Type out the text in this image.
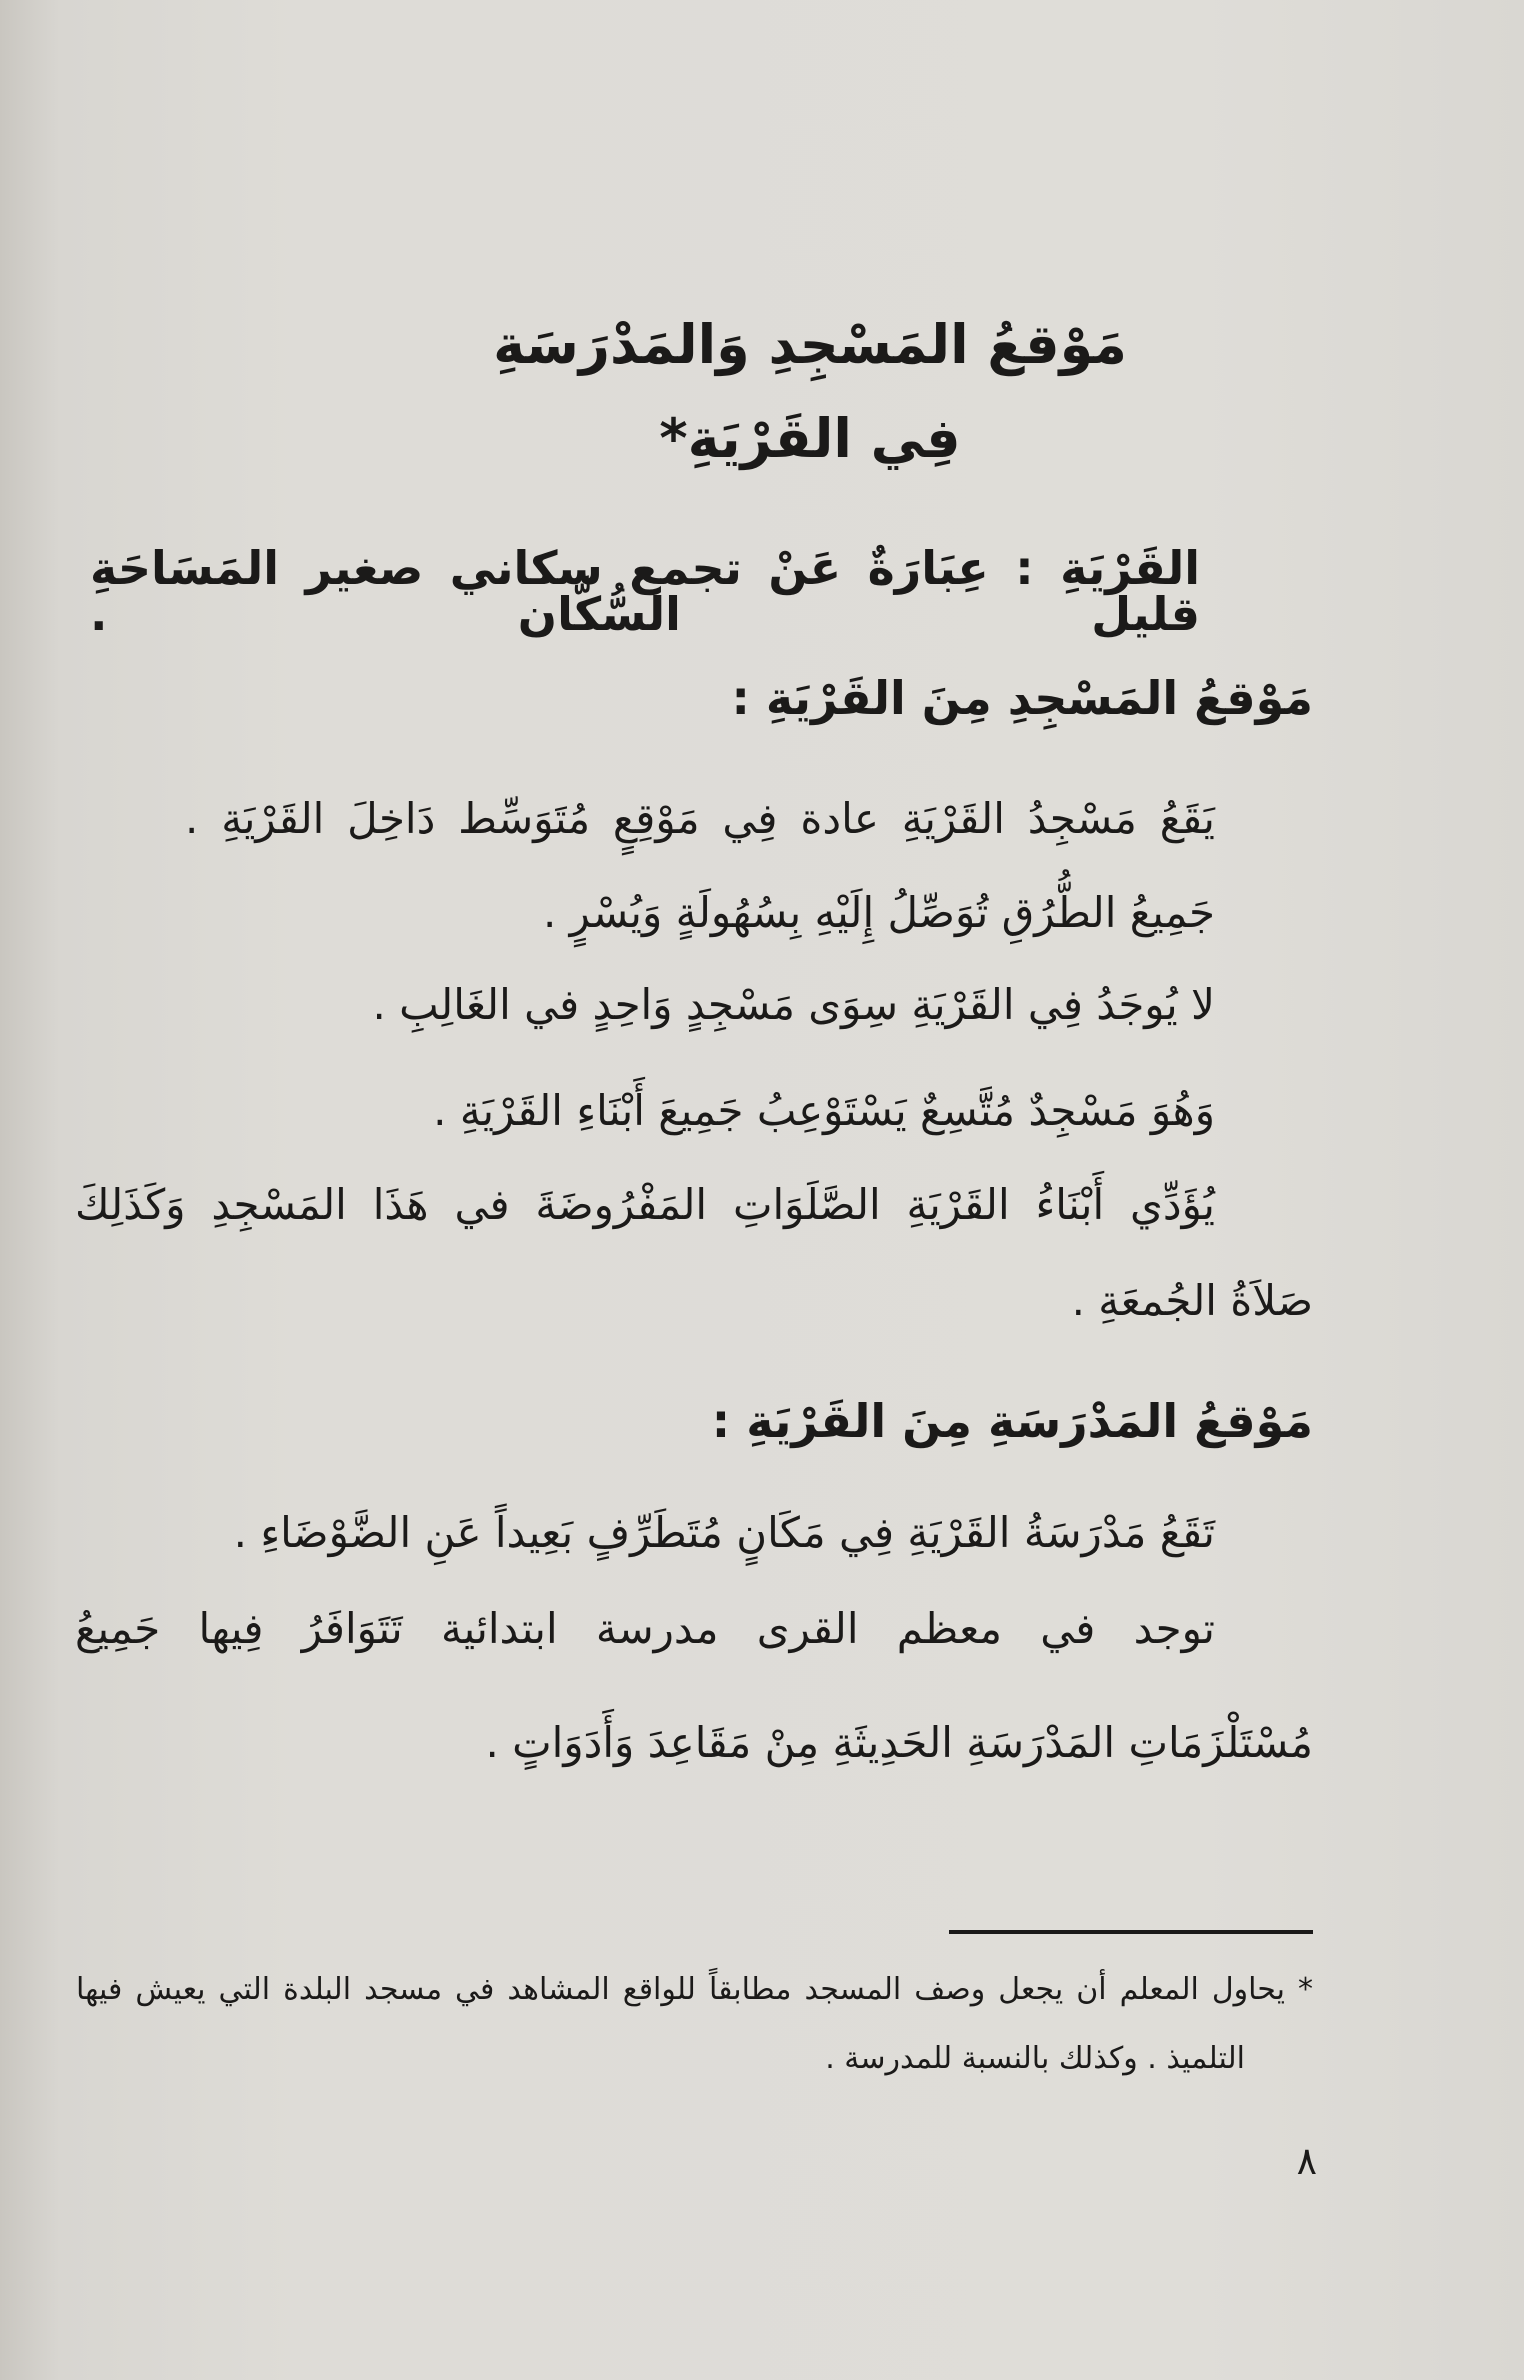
مَوْقعُ المَسْجِدِ وَالمَدْرَسَةِ
فِي القَرْيَةِ*
القَرْيَةِ : عِبَارَةٌ عَنْ تجمع سكاني صغير المَسَاحَةِ قليل السُّكَّان .
مَوْقعُ المَسْجِدِ مِنَ القَرْيَةِ :
يَقَعُ مَسْجِدُ القَرْيَةِ عادة فِي مَوْقِعٍ مُتَوَسِّط دَاخِلَ القَرْيَةِ .
جَمِيعُ الطُّرُقِ تُوَصِّلُ إِلَيْهِ بِسُهُولَةٍ وَيُسْرٍ .
لا يُوجَدُ فِي القَرْيَةِ سِوَى مَسْجِدٍ وَاحِدٍ في الغَالِبِ .
وَهُوَ مَسْجِدٌ مُتَّسِعٌ يَسْتَوْعِبُ جَمِيعَ أَبْنَاءِ القَرْيَةِ .
يُؤَدِّي أَبْنَاءُ القَرْيَةِ الصَّلَوَاتِ المَفْرُوضَةَ في هَذَا المَسْجِدِ وَكَذَلِكَ
صَلاَةُ الجُمعَةِ .
مَوْقعُ المَدْرَسَةِ مِنَ القَرْيَةِ :
تَقَعُ مَدْرَسَةُ القَرْيَةِ فِي مَكَانٍ مُتَطَرِّفٍ بَعِيداً عَنِ الضَّوْضَاءِ .
توجد في معظم القرى مدرسة ابتدائية تَتَوَافَرُ فِيها جَمِيعُ
مُسْتَلْزَمَاتِ المَدْرَسَةِ الحَدِيثَةِ مِنْ مَقَاعِدَ وَأَدَوَاتٍ .
* يحاول المعلم أن يجعل وصف المسجد مطابقاً للواقع المشاهد في مسجد البلدة التي يعيش فيها
التلميذ . وكذلك بالنسبة للمدرسة .
٨
